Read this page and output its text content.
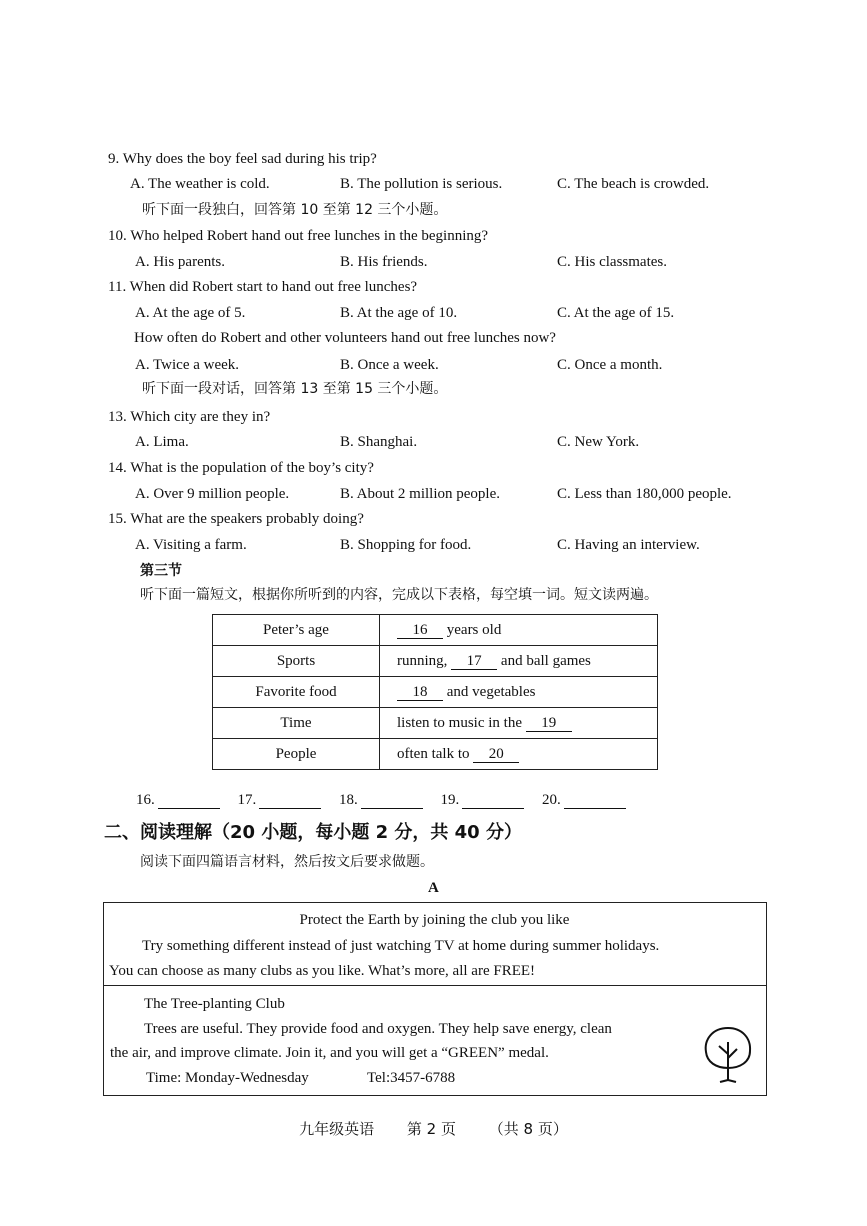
9. Why does the boy feel sad during his trip?
A. The weather is cold.	B. The pollution is serious.	C. The beach is crowded.
听下面一段独白，回答第 10 至第 12 三个小题。
10. Who helped Robert hand out free lunches in the beginning?
A. His parents.	B. His friends.	C. His classmates.
11. When did Robert start to hand out free lunches?
A. At the age of 5.	B. At the age of 10.	C. At the age of 15.
How often do Robert and other volunteers hand out free lunches now?
A. Twice a week.	B. Once a week.	C. Once a month.
听下面一段对话，回答第 13 至第 15 三个小题。
13. Which city are they in?
A. Lima.	B. Shanghai.	C. New York.
14. What is the population of the boy’s city?
A. Over 9 million people.	B. About 2 million people.	C. Less than 180,000 people.
15. What are the speakers probably doing?
A. Visiting a farm.	B. Shopping for food.	C. Having an interview.
第三节
听下面一篇短文，根据你所听到的内容，完成以下表格，每空填一词。短文读两遍。
Peter’s age	16 years old
Sports	running, 17 and ball games
Favorite food	18 and vegetables
Time	listen to music in the 19
People	often talk to 20
16.	17.	18.	19.	20.
二、阅读理解（20 小题，每小题 2 分，共 40 分）
阅读下面四篇语言材料，然后按文后要求做题。
A
Protect the Earth by joining the club you like
Try something different instead of just watching TV at home during summer holidays.
You can choose as many clubs as you like. What’s more, all are FREE!
The Tree-planting Club
Trees are useful. They provide food and oxygen. They help save energy, clean
the air, and improve climate. Join it, and you will get a “GREEN” medal.
Time: Monday-Wednesday	Tel:3457-6788
九年级英语 第 2 页 （共 8 页）
